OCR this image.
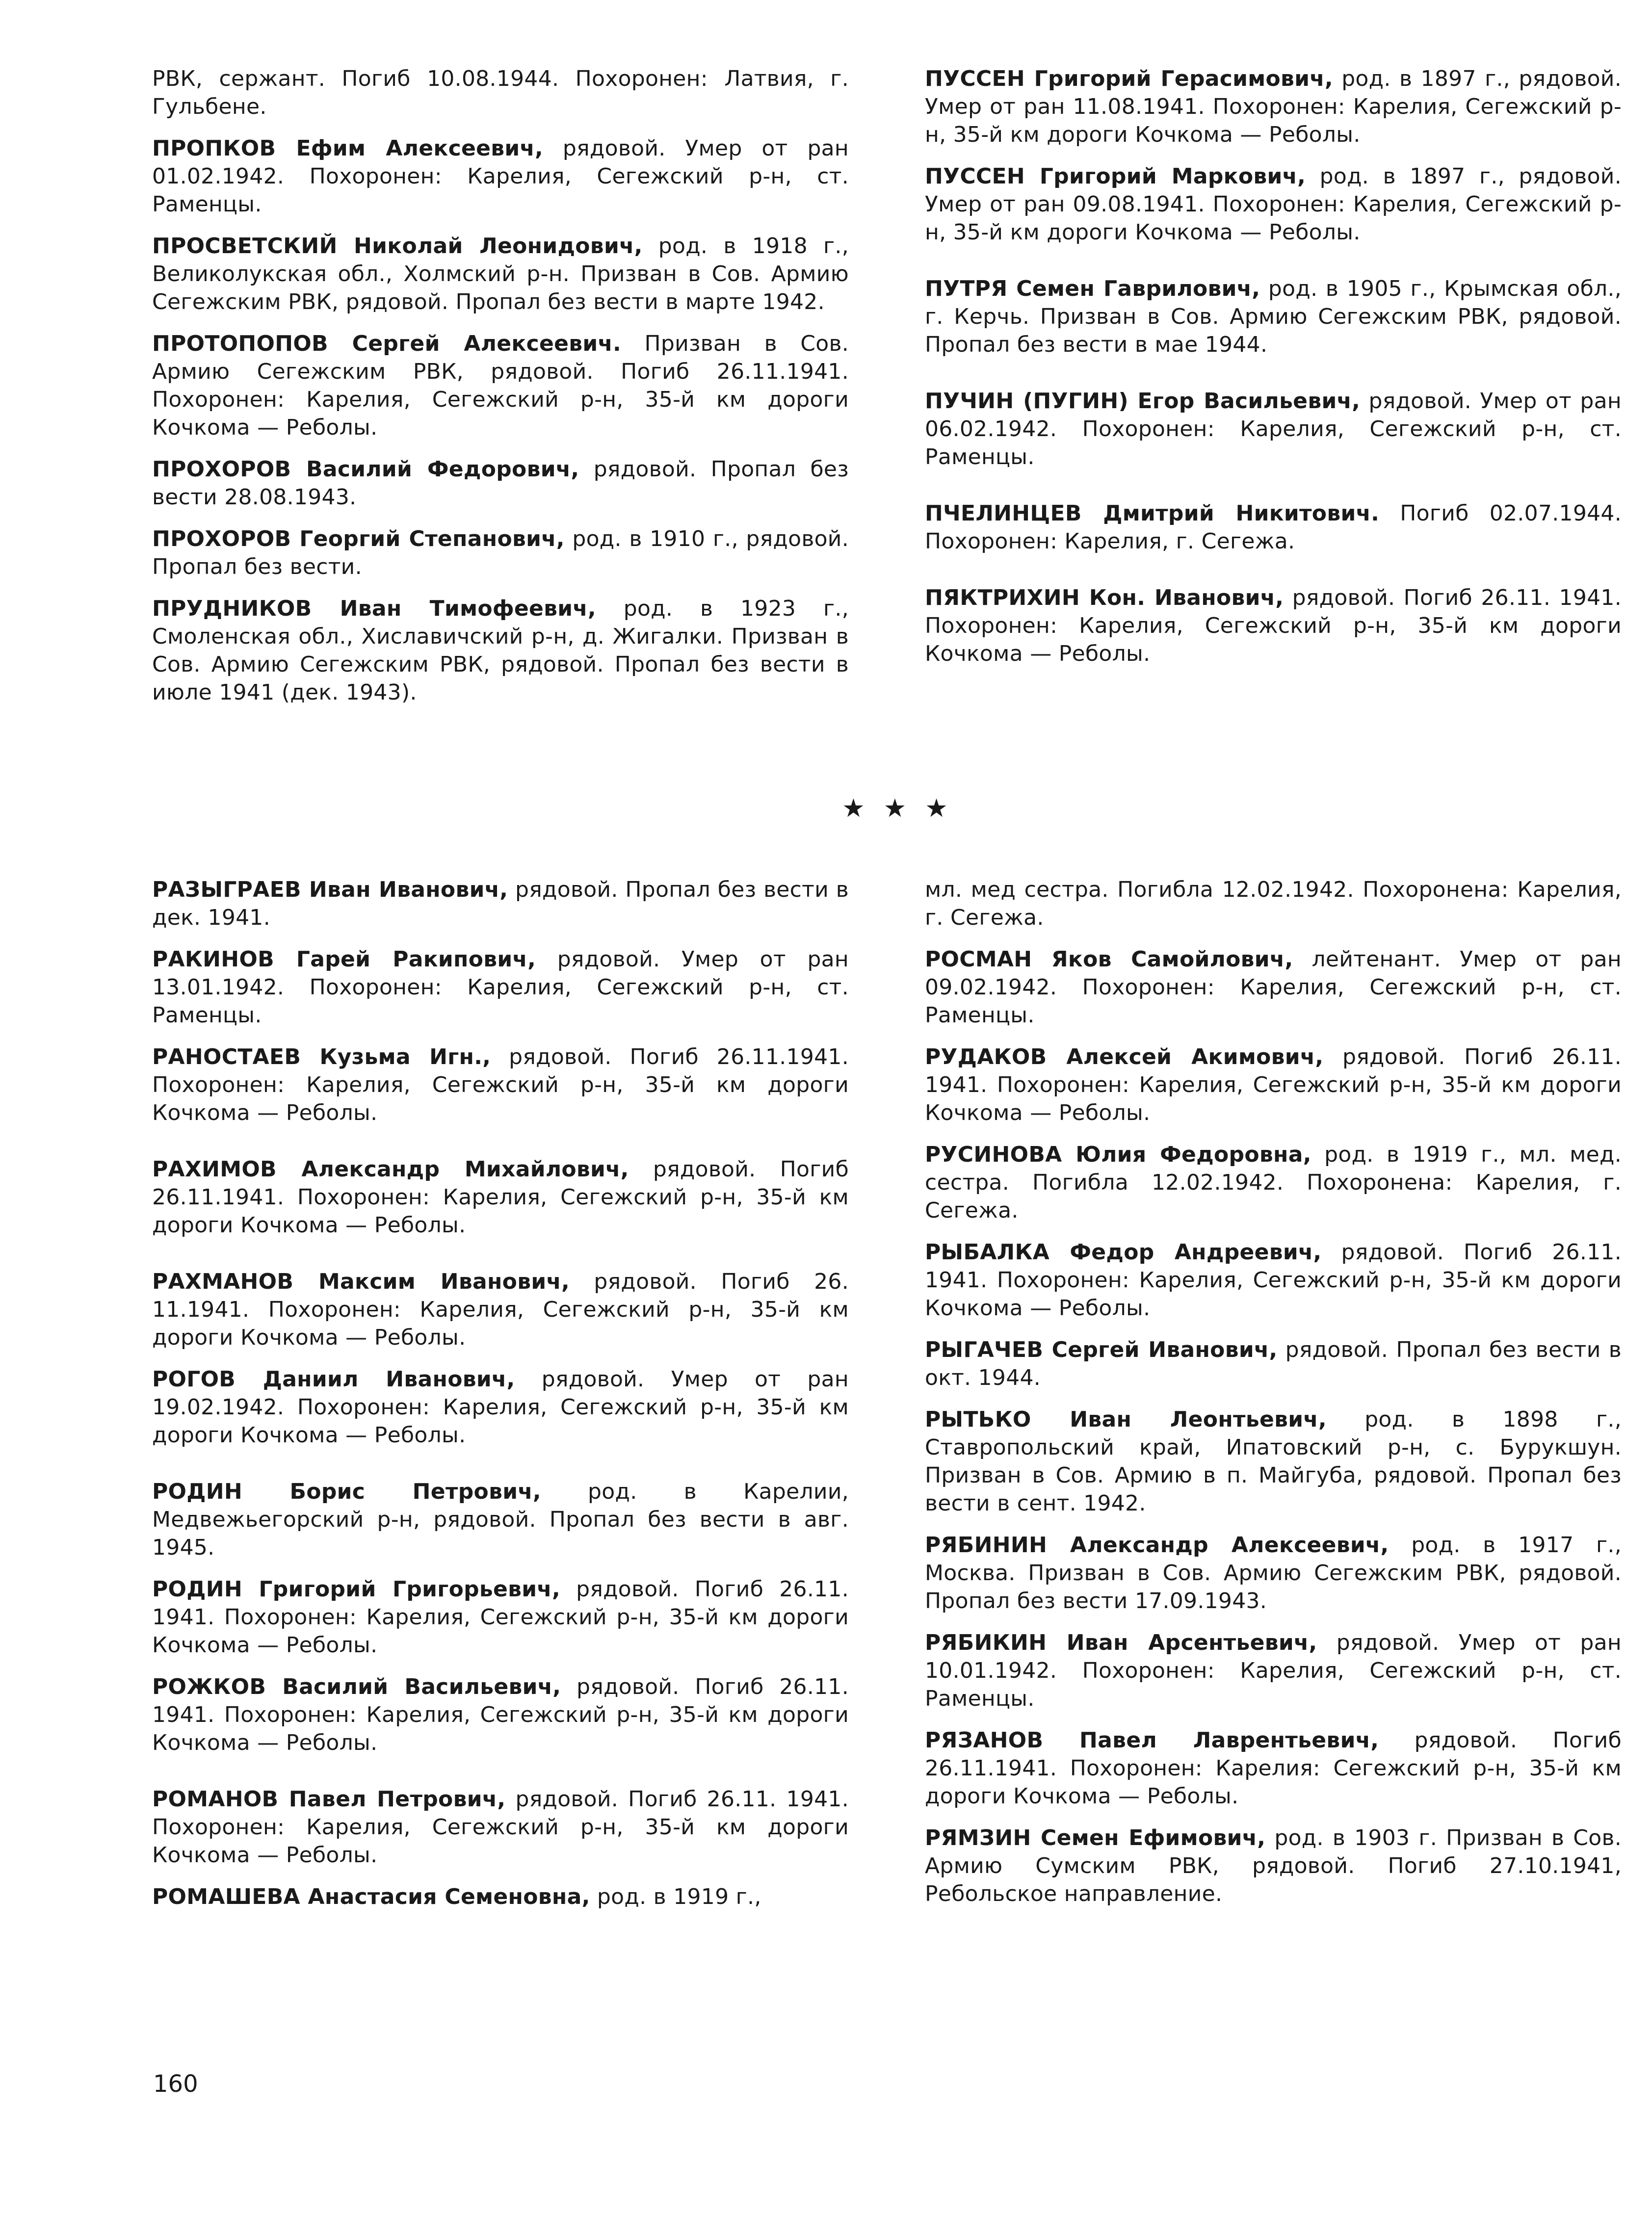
РВК, сержант. Погиб 10.08.1944. Похоронен: Латвия, г. Гульбене.

ПРОПКОВ Ефим Алексеевич, рядовой. Умер от ран 01.02.1942. Похоронен: Карелия, Сегежский р-н, ст. Раменцы.

ПРОСВЕТСКИЙ Николай Леонидович, род. в 1918 г., Великолукская обл., Холмский р-н. Призван в Сов. Армию Сегежским РВК, рядовой. Пропал без вести в марте 1942.

ПРОТОПОПОВ Сергей Алексеевич. Призван в Сов. Армию Сегежским РВК, рядовой. Погиб 26.11.1941. Похоронен: Карелия, Сегежский р-н, 35-й км дороги Кочкома — Реболы.

ПРОХОРОВ Василий Федорович, рядовой. Пропал без вести 28.08.1943.

ПРОХОРОВ Георгий Степанович, род. в 1910 г., рядовой. Пропал без вести.

ПРУДНИКОВ Иван Тимофеевич, род. в 1923 г., Смоленская обл., Хиславичский р-н, д. Жигалки. Призван в Сов. Армию Сегежским РВК, рядовой. Пропал без вести в июле 1941 (дек. 1943).

ПУССЕН Григорий Герасимович, род. в 1897 г., рядовой. Умер от ран 11.08.1941. Похоронен: Карелия, Сегежский р-н, 35-й км дороги Кочкома — Реболы.

ПУССЕН Григорий Маркович, род. в 1897 г., рядовой. Умер от ран 09.08.1941. Похоронен: Карелия, Сегежский р-н, 35-й км дороги Кочкома — Реболы.

ПУТРЯ Семен Гаврилович, род. в 1905 г., Крымская обл., г. Керчь. Призван в Сов. Армию Сегежским РВК, рядовой. Пропал без вести в мае 1944.

ПУЧИН (ПУГИН) Егор Васильевич, рядовой. Умер от ран 06.02.1942. Похоронен: Карелия, Сегежский р-н, ст. Раменцы.

ПЧЕЛИНЦЕВ Дмитрий Никитович. Погиб 02.07.1944. Похоронен: Карелия, г. Сегежа.

ПЯКТРИХИН Кон. Иванович, рядовой. Погиб 26.11. 1941. Похоронен: Карелия, Сегежский р-н, 35-й км дороги Кочкома — Реболы.

★★★

РАЗЫГРАЕВ Иван Иванович, рядовой. Пропал без вести в дек. 1941.

РАКИНОВ Гарей Ракипович, рядовой. Умер от ран 13.01.1942. Похоронен: Карелия, Сегежский р-н, ст. Раменцы.

РАНОСТАЕВ Кузьма Игн., рядовой. Погиб 26.11.1941. Похоронен: Карелия, Сегежский р-н, 35-й км дороги Кочкома — Реболы.

РАХИМОВ Александр Михайлович, рядовой. Погиб 26.11.1941. Похоронен: Карелия, Сегежский р-н, 35-й км дороги Кочкома — Реболы.

РАХМАНОВ Максим Иванович, рядовой. Погиб 26. 11.1941. Похоронен: Карелия, Сегежский р-н, 35-й км дороги Кочкома — Реболы.

РОГОВ Даниил Иванович, рядовой. Умер от ран 19.02.1942. Похоронен: Карелия, Сегежский р-н, 35-й км дороги Кочкома — Реболы.

РОДИН Борис Петрович, род. в Карелии, Медвежьегорский р-н, рядовой. Пропал без вести в авг. 1945.

РОДИН Григорий Григорьевич, рядовой. Погиб 26.11. 1941. Похоронен: Карелия, Сегежский р-н, 35-й км дороги Кочкома — Реболы.

РОЖКОВ Василий Васильевич, рядовой. Погиб 26.11. 1941. Похоронен: Карелия, Сегежский р-н, 35-й км дороги Кочкома — Реболы.

РОМАНОВ Павел Петрович, рядовой. Погиб 26.11. 1941. Похоронен: Карелия, Сегежский р-н, 35-й км дороги Кочкома — Реболы.

РОМАШЕВА Анастасия Семеновна, род. в 1919 г.,

мл. мед сестра. Погибла 12.02.1942. Похоронена: Карелия, г. Сегежа.

РОСМАН Яков Самойлович, лейтенант. Умер от ран 09.02.1942. Похоронен: Карелия, Сегежский р-н, ст. Раменцы.

РУДАКОВ Алексей Акимович, рядовой. Погиб 26.11. 1941. Похоронен: Карелия, Сегежский р-н, 35-й км дороги Кочкома — Реболы.

РУСИНОВА Юлия Федоровна, род. в 1919 г., мл. мед. сестра. Погибла 12.02.1942. Похоронена: Карелия, г. Сегежа.

РЫБАЛКА Федор Андреевич, рядовой. Погиб 26.11. 1941. Похоронен: Карелия, Сегежский р-н, 35-й км дороги Кочкома — Реболы.

РЫГАЧЕВ Сергей Иванович, рядовой. Пропал без вести в окт. 1944.

РЫТЬКО Иван Леонтьевич, род. в 1898 г., Ставропольский край, Ипатовский р-н, с. Бурукшун. Призван в Сов. Армию в п. Майгуба, рядовой. Пропал без вести в сент. 1942.

РЯБИНИН Александр Алексеевич, род. в 1917 г., Москва. Призван в Сов. Армию Сегежским РВК, рядовой. Пропал без вести 17.09.1943.

РЯБИКИН Иван Арсентьевич, рядовой. Умер от ран 10.01.1942. Похоронен: Карелия, Сегежский р-н, ст. Раменцы.

РЯЗАНОВ Павел Лаврентьевич, рядовой. Погиб 26.11.1941. Похоронен: Карелия: Сегежский р-н, 35-й км дороги Кочкома — Реболы.

РЯМЗИН Семен Ефимович, род. в 1903 г. Призван в Сов. Армию Сумским РВК, рядовой. Погиб 27.10.1941, Ребольское направление.

160
